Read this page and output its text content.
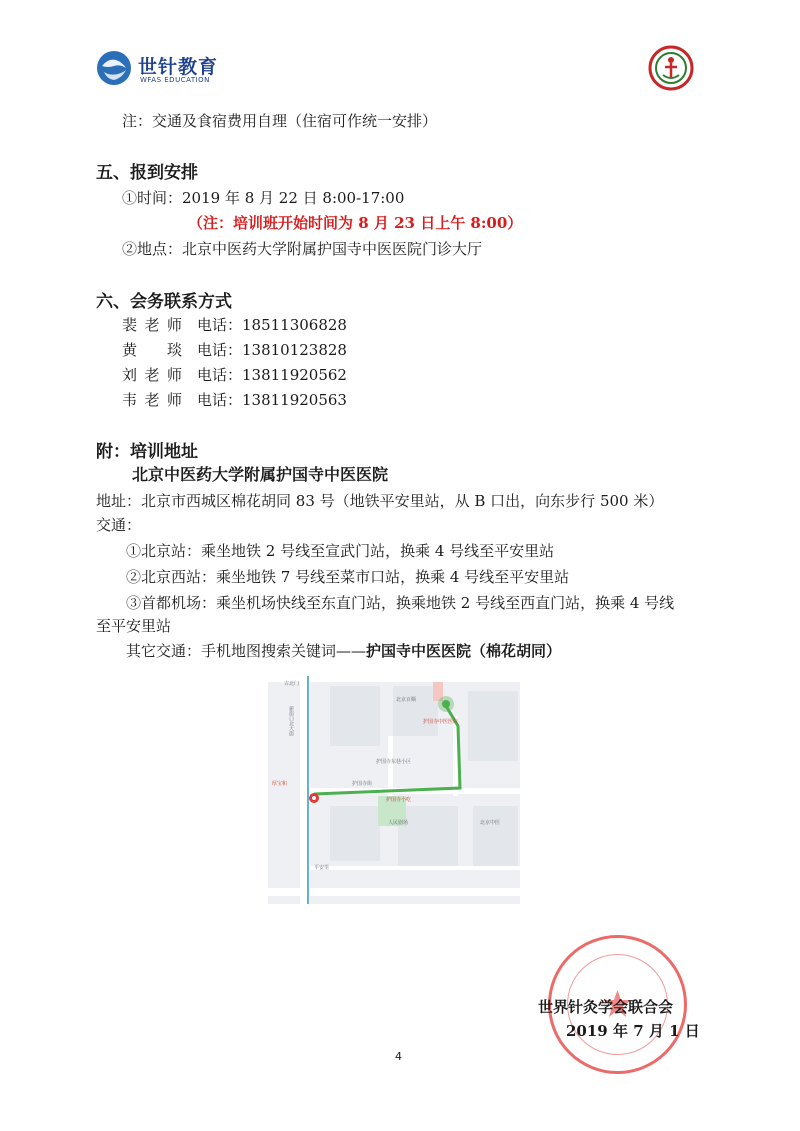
世针教育
WFAS EDUCATION
注：交通及食宿费用自理（住宿可作统一安排）
五、报到安排
①时间：2019 年 8 月 22 日 8:00-17:00
（注：培训班开始时间为 8 月 23 日上午 8:00）
②地点：北京中医药大学附属护国寺中医医院门诊大厅
六、会务联系方式
裴老师 电话：18511306828
黄 琰 电话：13810123828
刘老师 电话：13811920562
韦老师 电话：13811920563
附：培训地址
北京中医药大学附属护国寺中医医院
地址：北京市西城区棉花胡同 83 号（地铁平安里站，从 B 口出，向东步行 500 米）
交通：
①北京站：乘坐地铁 2 号线至宣武门站，换乘 4 号线至平安里站
②北京西站：乘坐地铁 7 号线至菜市口站，换乘 4 号线至平安里站
③首都机场：乘坐机场快线至东直门站，换乘地铁 2 号线至西直门站，换乘 4 号线
至平安里站
其它交通：手机地图搜索关键词——护国寺中医医院（棉花胡同）
古北门
北京百顺
护国寺中医医院
护国寺东巷小区
护国寺街
厚宝和
护国寺小吃
人民剧场	北京中医
平安里
新街口北大街
世界针灸学会联合会
2019 年 7 月 1 日
4
